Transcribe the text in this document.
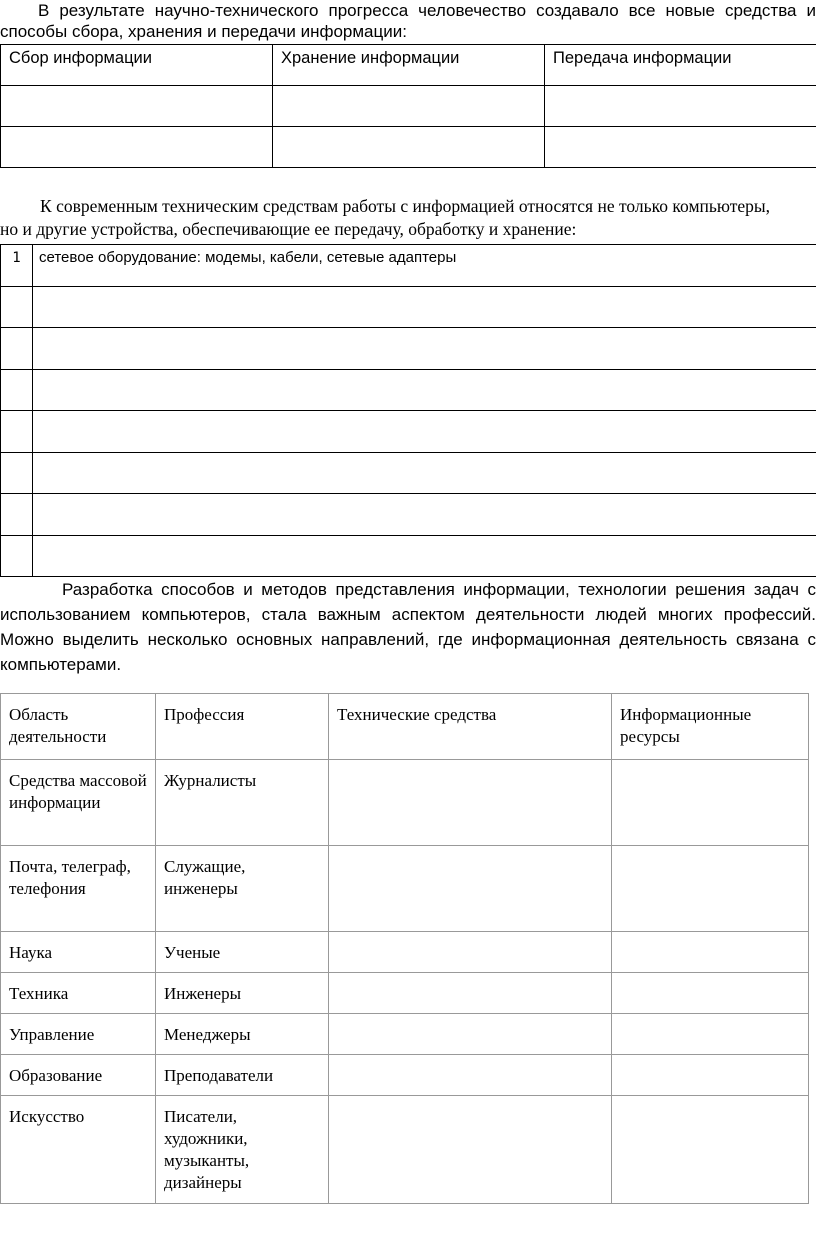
В результате научно-технического прогресса человечество создавало все новые средства и способы сбора, хранения и передачи информации:
Сбор информации	Хранение информации	Передача информации

К современным техническим средствам работы с информацией относятся не только компьютеры, но и другие устройства, обеспечивающие ее передачу, обработку и хранение:
1	сетевое оборудование: модемы, кабели, сетевые адаптеры

Разработка способов и методов представления информации, технологии решения задач с использованием компьютеров, стала важным аспектом деятельности людей многих профессий. Можно выделить несколько основных направлений, где информационная деятельность связана с компьютерами.
Область деятельности	Профессия	Технические средства	Информационные ресурсы
Средства массовой информации	Журналисты		
Почта, телеграф, телефония	Служащие, инженеры		
Наука	Ученые		
Техника	Инженеры		
Управление	Менеджеры		
Образование	Преподаватели		
Искусство	Писатели, художники, музыканты, дизайнеры		
